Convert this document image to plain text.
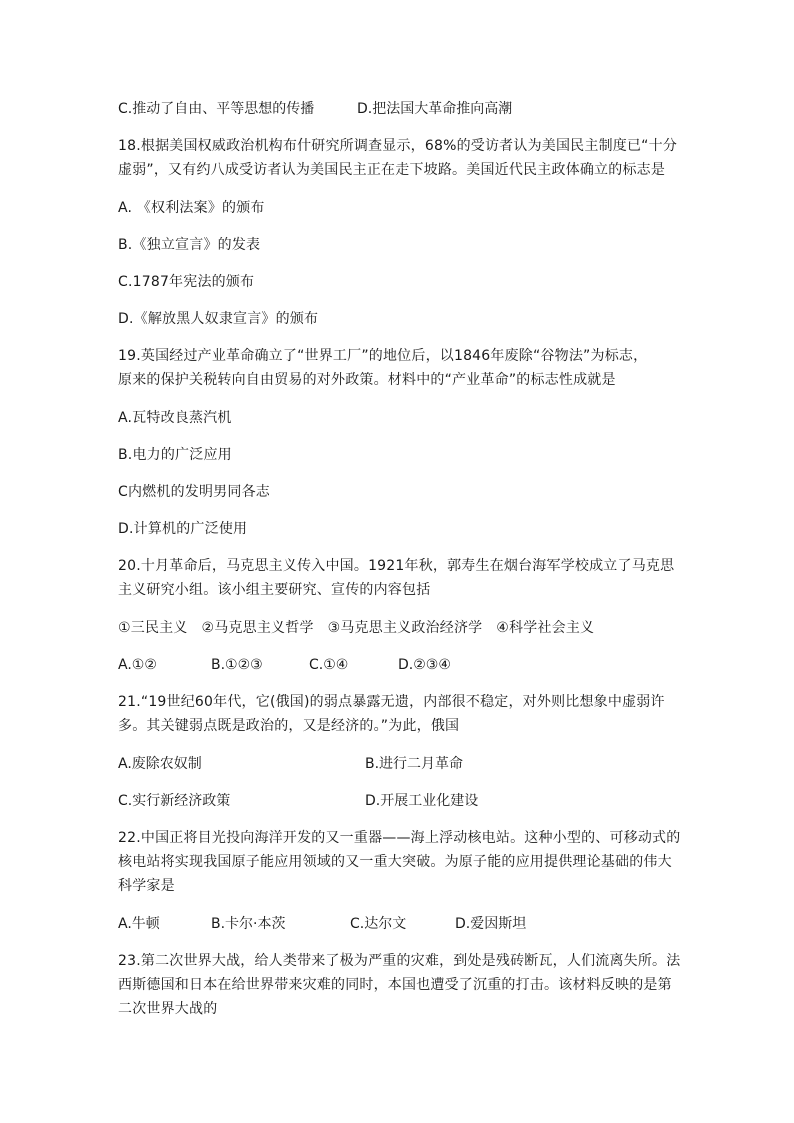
C.推动了自由、平等思想的传播	D.把法国大革命推向高潮
18.根据美国权威政治机构布什研究所调查显示，68%的受访者认为美国民主制度已“十分
虚弱”，又有约八成受访者认为美国民主正在走下坡路。美国近代民主政体确立的标志是
A. 《权利法案》的颁布
B.《独立宣言》的发表
C.1787年宪法的颁布
D.《解放黑人奴隶宣言》的颁布
19.英国经过产业革命确立了“世界工厂”的地位后，以1846年废除“谷物法”为标志，
原来的保护关税转向自由贸易的对外政策。材料中的“产业革命”的标志性成就是
A.瓦特改良蒸汽机
B.电力的广泛应用
C内燃机的发明男同各志
D.计算机的广泛使用
20.十月革命后，马克思主义传入中国。1921年秋，郭寿生在烟台海军学校成立了马克思
主义研究小组。该小组主要研究、宣传的内容包括
①三民主义   ②马克思主义哲学   ③马克思主义政治经济学   ④科学社会主义
A.①②	B.①②③	C.①④	D.②③④
21.“19世纪60年代，它(俄国)的弱点暴露无遗，内部很不稳定，对外则比想象中虚弱许
多。其关键弱点既是政治的，又是经济的。”为此，俄国
A.废除农奴制	B.进行二月革命
C.实行新经济政策	D.开展工业化建设
22.中国正将目光投向海洋开发的又一重器——海上浮动核电站。这种小型的、可移动式的
核电站将实现我国原子能应用领域的又一重大突破。为原子能的应用提供理论基础的伟大
科学家是
A.牛顿	B.卡尔·本茨	C.达尔文	D.爱因斯坦
23.第二次世界大战，给人类带来了极为严重的灾难，到处是残砖断瓦，人们流离失所。法
西斯德国和日本在给世界带来灾难的同时，本国也遭受了沉重的打击。该材料反映的是第
二次世界大战的
